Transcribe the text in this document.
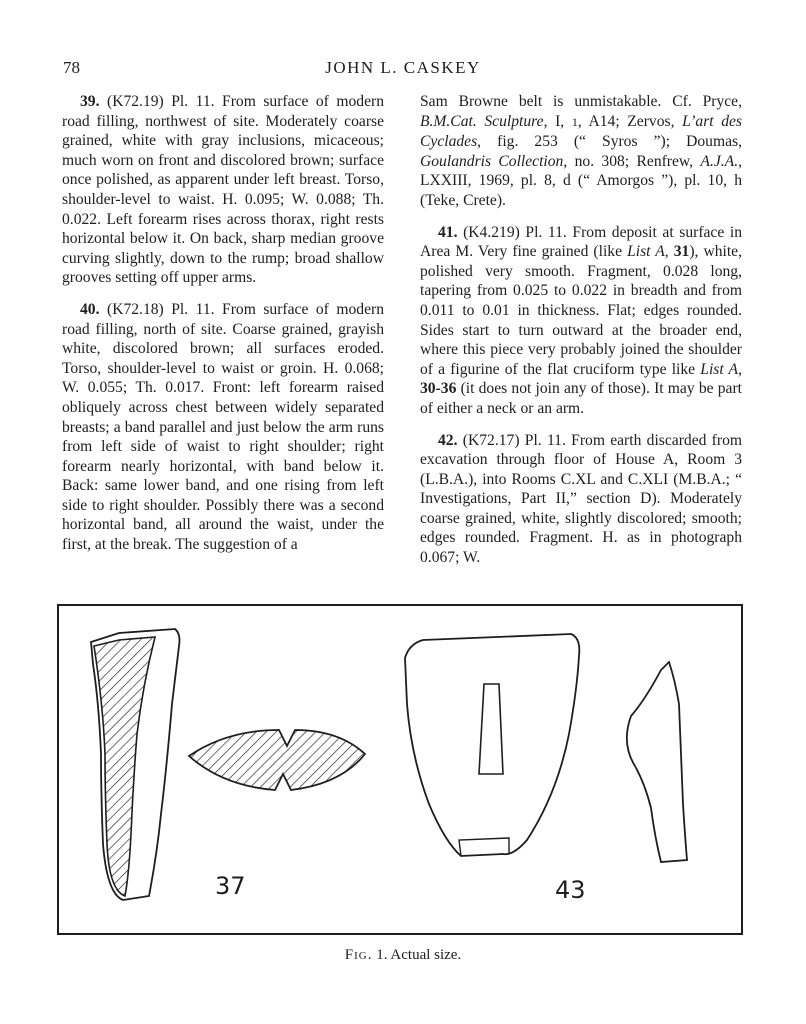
78	JOHN L. CASKEY

39. (K72.19) Pl. 11. From surface of modern road filling, northwest of site. Moderately coarse grained, white with gray inclusions, micaceous; much worn on front and discolored brown; surface once polished, as apparent under left breast. Torso, shoulder-level to waist. H. 0.095; W. 0.088; Th. 0.022. Left forearm rises across thorax, right rests horizontal below it. On back, sharp median groove curving slightly, down to the rump; broad shallow grooves setting off upper arms.

40. (K72.18) Pl. 11. From surface of modern road filling, north of site. Coarse grained, grayish white, discolored brown; all surfaces eroded. Torso, shoulder-level to waist or groin. H. 0.068; W. 0.055; Th. 0.017. Front: left forearm raised obliquely across chest between widely separated breasts; a band parallel and just below the arm runs from left side of waist to right shoulder; right forearm nearly horizontal, with band below it. Back: same lower band, and one rising from left side to right shoulder. Possibly there was a second horizontal band, all around the waist, under the first, at the break. The suggestion of a

Sam Browne belt is unmistakable. Cf. Pryce, B.M.Cat. Sculpture, I, 1, A14; Zervos, L’art des Cyclades, fig. 253 (“ Syros ”); Doumas, Goulandris Collection, no. 308; Renfrew, A.J.A., LXXIII, 1969, pl. 8, d (“ Amorgos ”), pl. 10, h (Teke, Crete).

41. (K4.219) Pl. 11. From deposit at surface in Area M. Very fine grained (like List A, 31), white, polished very smooth. Fragment, 0.028 long, tapering from 0.025 to 0.022 in breadth and from 0.011 to 0.01 in thickness. Flat; edges rounded. Sides start to turn outward at the broader end, where this piece very probably joined the shoulder of a figurine of the flat cruciform type like List A, 30-36 (it does not join any of those). It may be part of either a neck or an arm.

42. (K72.17) Pl. 11. From earth discarded from excavation through floor of House A, Room 3 (L.B.A.), into Rooms C.XL and C.XLI (M.B.A.; “ Investigations, Part II,” section D). Moderately coarse grained, white, slightly discolored; smooth; edges rounded. Fragment. H. as in photograph 0.067; W.

37	43
Fig. 1. Actual size.
